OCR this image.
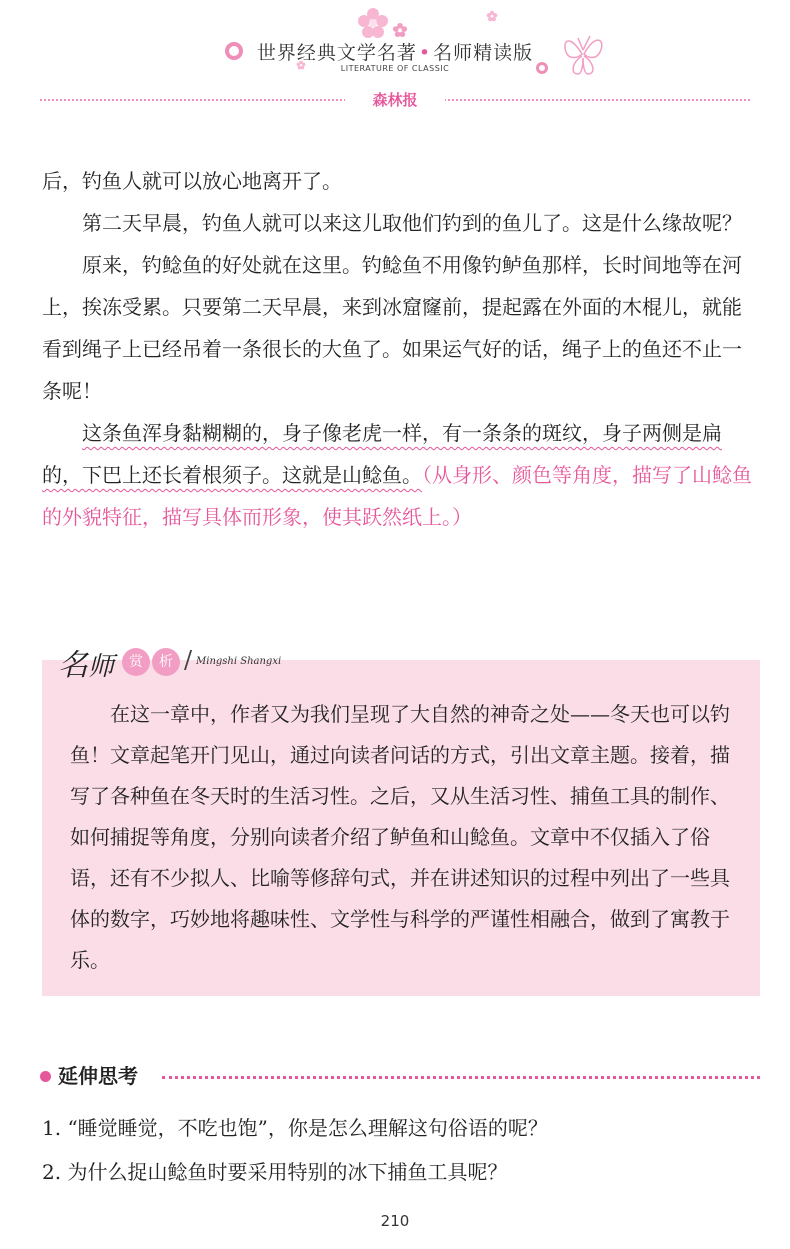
世界经典文学名著 • 名师精读版
LITERATURE OF CLASSIC
森林报

后，钓鱼人就可以放心地离开了。

第二天早晨，钓鱼人就可以来这儿取他们钓到的鱼儿了。这是什么缘故呢？

原来，钓鲶鱼的好处就在这里。钓鲶鱼不用像钓鲈鱼那样，长时间地等在河上，挨冻受累。只要第二天早晨，来到冰窟窿前，提起露在外面的木棍儿，就能看到绳子上已经吊着一条很长的大鱼了。如果运气好的话，绳子上的鱼还不止一条呢！

这条鱼浑身黏糊糊的，身子像老虎一样，有一条条的斑纹，身子两侧是扁的，下巴上还长着根须子。这就是山鲶鱼。（从身形、颜色等角度，描写了山鲶鱼的外貌特征，描写具体而形象，使其跃然纸上。）

在这一章中，作者又为我们呈现了大自然的神奇之处——冬天也可以钓鱼！文章起笔开门见山，通过向读者问话的方式，引出文章主题。接着，描写了各种鱼在冬天时的生活习性。之后，又从生活习性、捕鱼工具的制作、如何捕捉等角度，分别向读者介绍了鲈鱼和山鲶鱼。文章中不仅插入了俗语，还有不少拟人、比喻等修辞句式，并在讲述知识的过程中列出了一些具体的数字，巧妙地将趣味性、文学性与科学的严谨性相融合，做到了寓教于乐。

名 师	赏	析 / Mingshi Shangxi
延伸思考
1. “睡觉睡觉，不吃也饱”，你是怎么理解这句俗语的呢？
2. 为什么捉山鲶鱼时要采用特别的冰下捕鱼工具呢？
210
